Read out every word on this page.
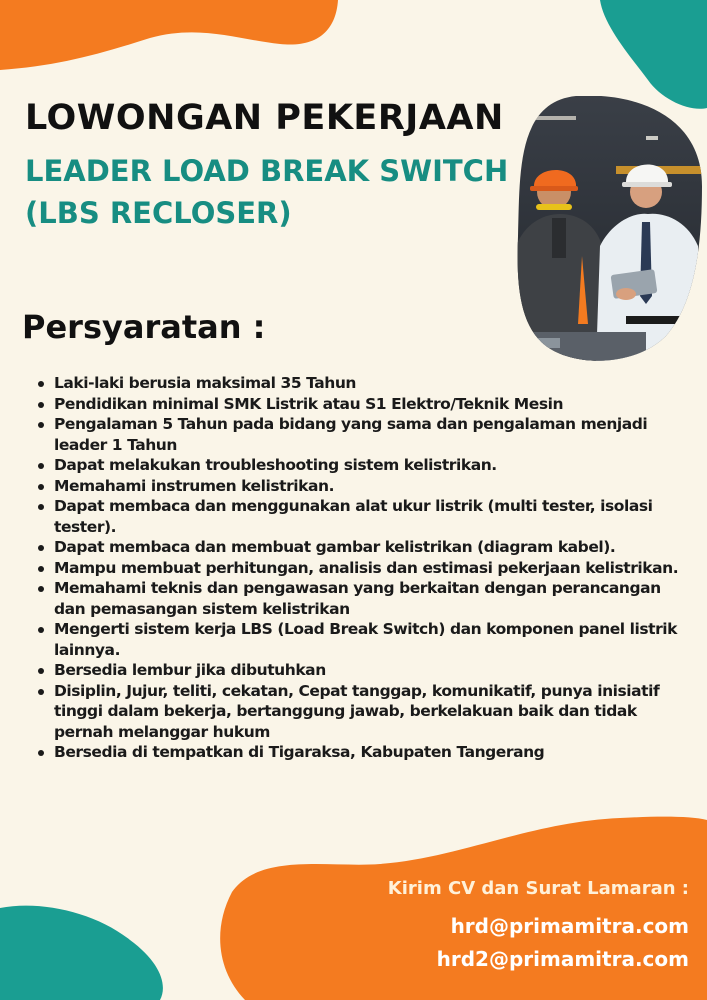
LOWONGAN PEKERJAAN
LEADER LOAD BREAK SWITCH
(LBS RECLOSER)
Persyaratan :
Laki-laki berusia maksimal 35 Tahun
Pendidikan minimal SMK Listrik atau S1 Elektro/Teknik Mesin
Pengalaman 5 Tahun pada bidang yang sama dan pengalaman menjadi leader 1 Tahun
Dapat melakukan troubleshooting sistem kelistrikan.
Memahami instrumen kelistrikan.
Dapat membaca dan menggunakan alat ukur listrik (multi tester, isolasi tester).
Dapat membaca dan membuat gambar kelistrikan (diagram kabel).
Mampu membuat perhitungan, analisis dan estimasi pekerjaan kelistrikan.
Memahami teknis dan pengawasan yang berkaitan dengan perancangan dan pemasangan sistem kelistrikan
Mengerti sistem kerja LBS (Load Break Switch) dan komponen panel listrik lainnya.
Bersedia lembur jika dibutuhkan
Disiplin, Jujur, teliti, cekatan, Cepat tanggap, komunikatif, punya inisiatif tinggi dalam bekerja, bertanggung jawab, berkelakuan baik dan tidak pernah melanggar hukum
Bersedia di tempatkan di Tigaraksa, Kabupaten Tangerang
Kirim CV dan Surat Lamaran :
hrd@primamitra.com
hrd2@primamitra.com
